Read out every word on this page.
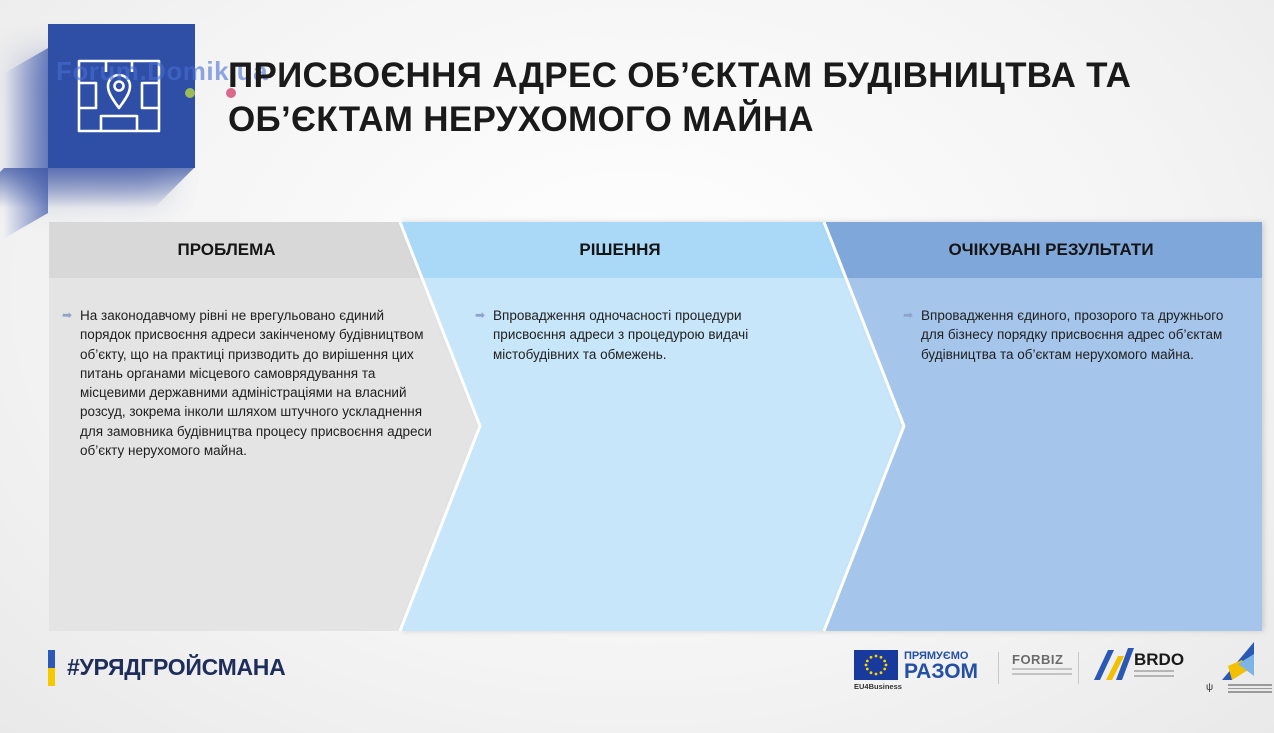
Forum.Domik.ua
ПРИСВОЄННЯ АДРЕС ОБ’ЄКТАМ БУДІВНИЦТВА ТА
ОБ’ЄКТАМ НЕРУХОМОГО МАЙНА
ПРОБЛЕМА	РІШЕННЯ	ОЧІКУВАНІ РЕЗУЛЬТАТИ
➡ На законодавчому рівні не врегульовано єдиний порядок присвоєння адреси закінченому будівництвом об’єкту, що на практиці призводить до вирішення цих питань органами місцевого самоврядування та місцевими державними адміністраціями на власний розсуд, зокрема інколи шляхом штучного ускладнення для замовника будівництва процесу присвоєння адреси об’єкту нерухомого майна.
➡ Впровадження одночасності процедури присвоєння адреси з процедурою видачі містобудівних та обмежень.
➡ Впровадження єдиного, прозорого та дружнього для бізнесу порядку присвоєння адрес об’єктам будівництва та об’єктам нерухомого майна.
#УРЯДГРОЙСМАНА
EU4Business
ПРЯМУЄМО
РАЗОМ
FORBIZ	BRDO
ψ
